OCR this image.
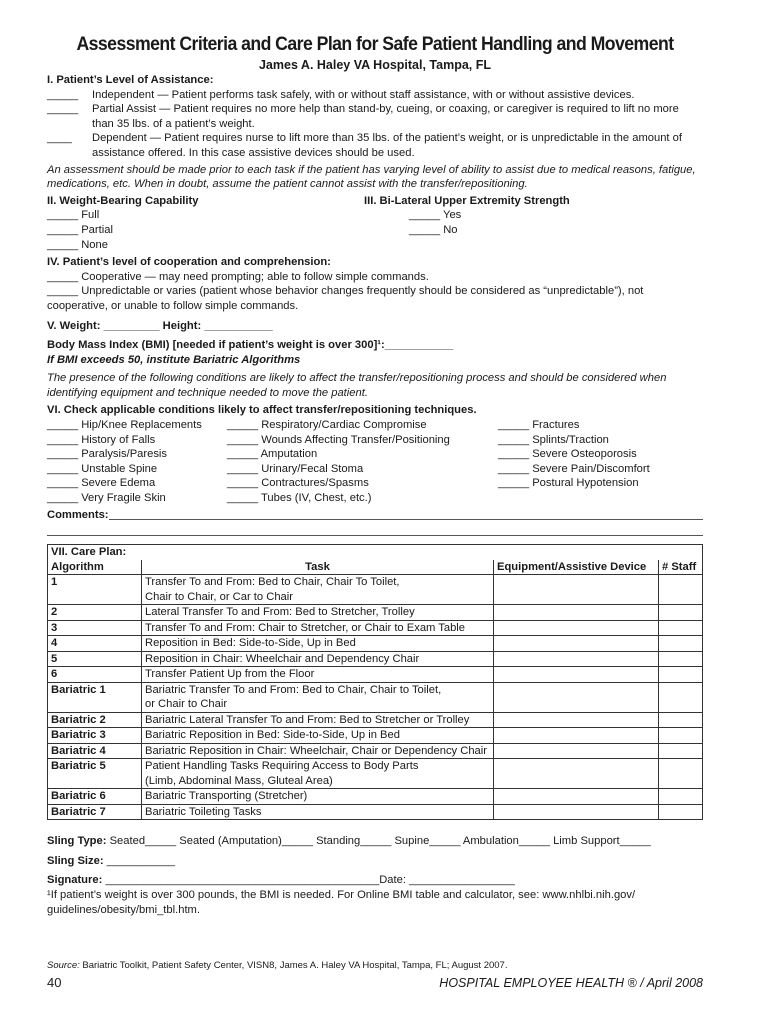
Assessment Criteria and Care Plan for Safe Patient Handling and Movement
James A. Haley VA Hospital, Tampa, FL
I. Patient’s Level of Assistance:
_____	Independent — Patient performs task safely, with or without staff assistance, with or without assistive devices.
_____	Partial Assist — Patient requires no more help than stand-by, cueing, or coaxing, or caregiver is required to lift no more than 35 lbs. of a patient’s weight.
____	Dependent — Patient requires nurse to lift more than 35 lbs. of the patient’s weight, or is unpredictable in the amount of assistance offered. In this case assistive devices should be used.
An assessment should be made prior to each task if the patient has varying level of ability to assist due to medical reasons, fatigue, medications, etc. When in doubt, assume the patient cannot assist with the transfer/repositioning.
II. Weight-Bearing Capability
_____ Full
_____ Partial
_____ None
III. Bi-Lateral Upper Extremity Strength
_____ Yes
_____ No
IV. Patient’s level of cooperation and comprehension:
_____ Cooperative — may need prompting; able to follow simple commands.
_____ Unpredictable or varies (patient whose behavior changes frequently should be considered as “unpredictable”), not
cooperative, or unable to follow simple commands.
V. Weight: _________ Height: ___________
Body Mass Index (BMI) [needed if patient’s weight is over 300]¹:___________
If BMI exceeds 50, institute Bariatric Algorithms
The presence of the following conditions are likely to affect the transfer/repositioning process and should be considered when identifying equipment and technique needed to move the patient.
VI. Check applicable conditions likely to affect transfer/repositioning techniques.
_____ Hip/Knee Replacements
_____ History of Falls
_____ Paralysis/Paresis
_____ Unstable Spine
_____ Severe Edema
_____ Very Fragile Skin
_____ Respiratory/Cardiac Compromise
_____ Wounds Affecting Transfer/Positioning
_____ Amputation
_____ Urinary/Fecal Stoma
_____ Contractures/Spasms
_____ Tubes (IV, Chest, etc.)
_____ Fractures
_____ Splints/Traction
_____ Severe Osteoporosis
_____ Severe Pain/Discomfort
_____ Postural Hypotension
Comments:
VII. Care Plan:			
Algorithm	Task	Equipment/Assistive Device	# Staff
1	Transfer To and From: Bed to Chair, Chair To Toilet,		
	Chair to Chair, or Car to Chair		
2	Lateral Transfer To and From: Bed to Stretcher, Trolley		
3	Transfer To and From: Chair to Stretcher, or Chair to Exam Table		
4	Reposition in Bed: Side-to-Side, Up in Bed		
5	Reposition in Chair: Wheelchair and Dependency Chair		
6	Transfer Patient Up from the Floor		
Bariatric 1	Bariatric Transfer To and From: Bed to Chair, Chair to Toilet,		
	or Chair to Chair		
Bariatric 2	Bariatric Lateral Transfer To and From: Bed to Stretcher or Trolley		
Bariatric 3	Bariatric Reposition in Bed: Side-to-Side, Up in Bed		
Bariatric 4	Bariatric Reposition in Chair: Wheelchair, Chair or Dependency Chair		
Bariatric 5	Patient Handling Tasks Requiring Access to Body Parts		
	(Limb, Abdominal Mass, Gluteal Area)		
Bariatric 6	Bariatric Transporting (Stretcher)		
Bariatric 7	Bariatric Toileting Tasks		
Sling Type: Seated_____ Seated (Amputation)_____ Standing_____ Supine_____ Ambulation_____ Limb Support_____
Sling Size: ___________
Signature: ____________________________________________Date: _________________
¹If patient’s weight is over 300 pounds, the BMI is needed. For Online BMI table and calculator, see: www.nhlbi.nih.gov/
guidelines/obesity/bmi_tbl.htm.
Source: Bariatric Toolkit, Patient Safety Center, VISN8, James A. Haley VA Hospital, Tampa, FL; August 2007.
40	HOSPITAL EMPLOYEE HEALTH ® / April 2008
